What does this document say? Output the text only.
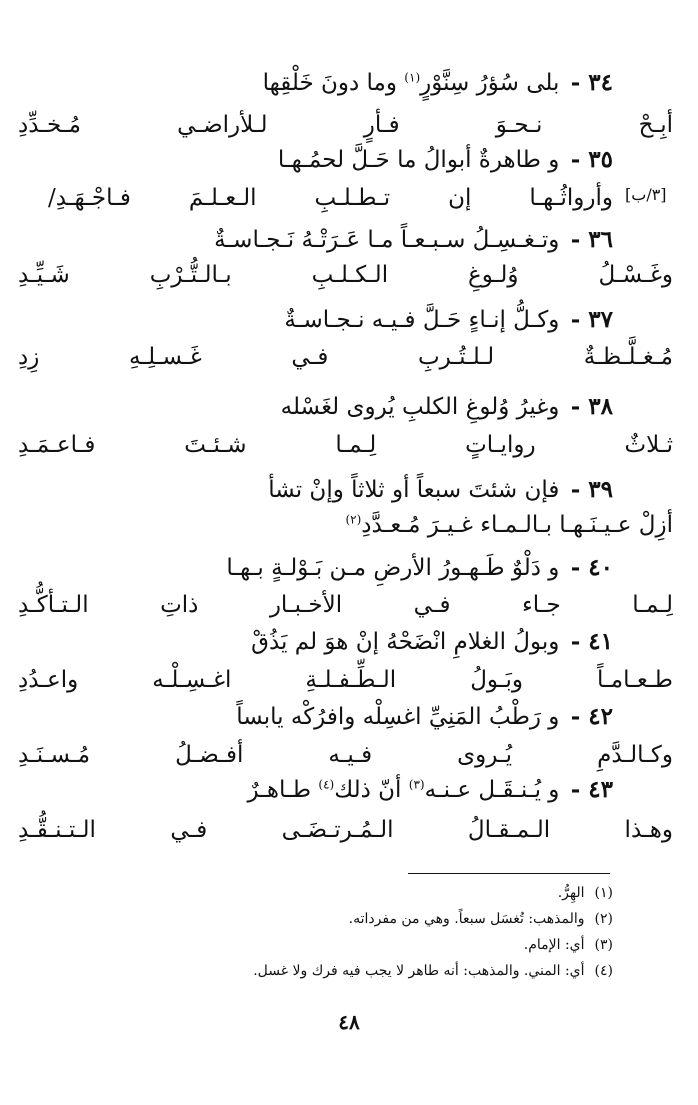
[٣/ب]
٣٤ - بلى سُؤرُ سِنَّوْرٍ$^{(١)}$ وما دونَ خَلْقِها
أبِـحْ نـحـوَ فـأرٍ لـلأراضـي مُـخـدِّدِ
٣٥ - و طاهرةٌ أبوالُ ما حَـلَّ لحمُـهـا
وأرواثُـهـا إن تـطـلـبِ الـعـلـمَ فـاجْـهَـدِ/
٣٦ - وتـغـسِـلُ سـبـعـاً مـا عَـرَتْـهُ نَـجـاسـةٌ
وغَـسْـلُ وُلـوغِ الـكـلـبِ بـالـتُّـرْبِ شَـيِّـدِ
٣٧ - وكـلُّ إنـاءٍ حَـلَّ فـيـه نـجـاسـةٌ
مُـغـلَّـظـةٌ لـلـتُـربِ فـي غَـسـلِـهِ زِدِ
٣٨ - وغيرُ وُلوغِ الكلبِ يُروى لغَسْله
ثـلاثٌ روايـاتٍ لِـمـا شـئـتَ فـاعـمَـدِ
٣٩ - فإن شئتَ سبعاً أو ثلاثاً وإنْ تشأ
أزِلْ عـيـنَـهـا بـالـمـاء غـيـرَ مُـعـدَّدِ$^{(٢)}$
٤٠ - و دَلْوٌ طَـهـورُ الأرضِ مـن بَـوْلـةٍ بـهـا
لِـمـا جـاء فـي الأخـبـار ذاتِ الـتـأكُّـدِ
٤١ - وبولُ الغلامِ انْضَحْهُ إنْ هوَ لم يَذُقْ
طـعـامـاً وبَـولُ الـطِّـفـلـةِ اغـسِـلْـه واعـدُدِ
٤٢ - و رَطْبُ المَنِيِّ اغسِلْه وافرُكْه يابساً
وكـالـدَّمِ يُـروى فـيـه أفـضـلُ مُـسـنَـدِ
٤٣ - و يُـنـقَـل عـنـه$^{(٣)}$ أنّ ذلك$^{(٤)}$ طـاهـرٌ
وهـذا الـمـقـالُ الـمُـرتـضَـى فـي الـتـنـقُّـدِ
(١)الهِرُّ.
(٢)والمذهب: تُغسَل سبعاً. وهي من مفرداته.
(٣)أي: الإمام.
(٤)أي: المني. والمذهب: أنه طاهر لا يجب فيه فرك ولا غسل.
٤٨
